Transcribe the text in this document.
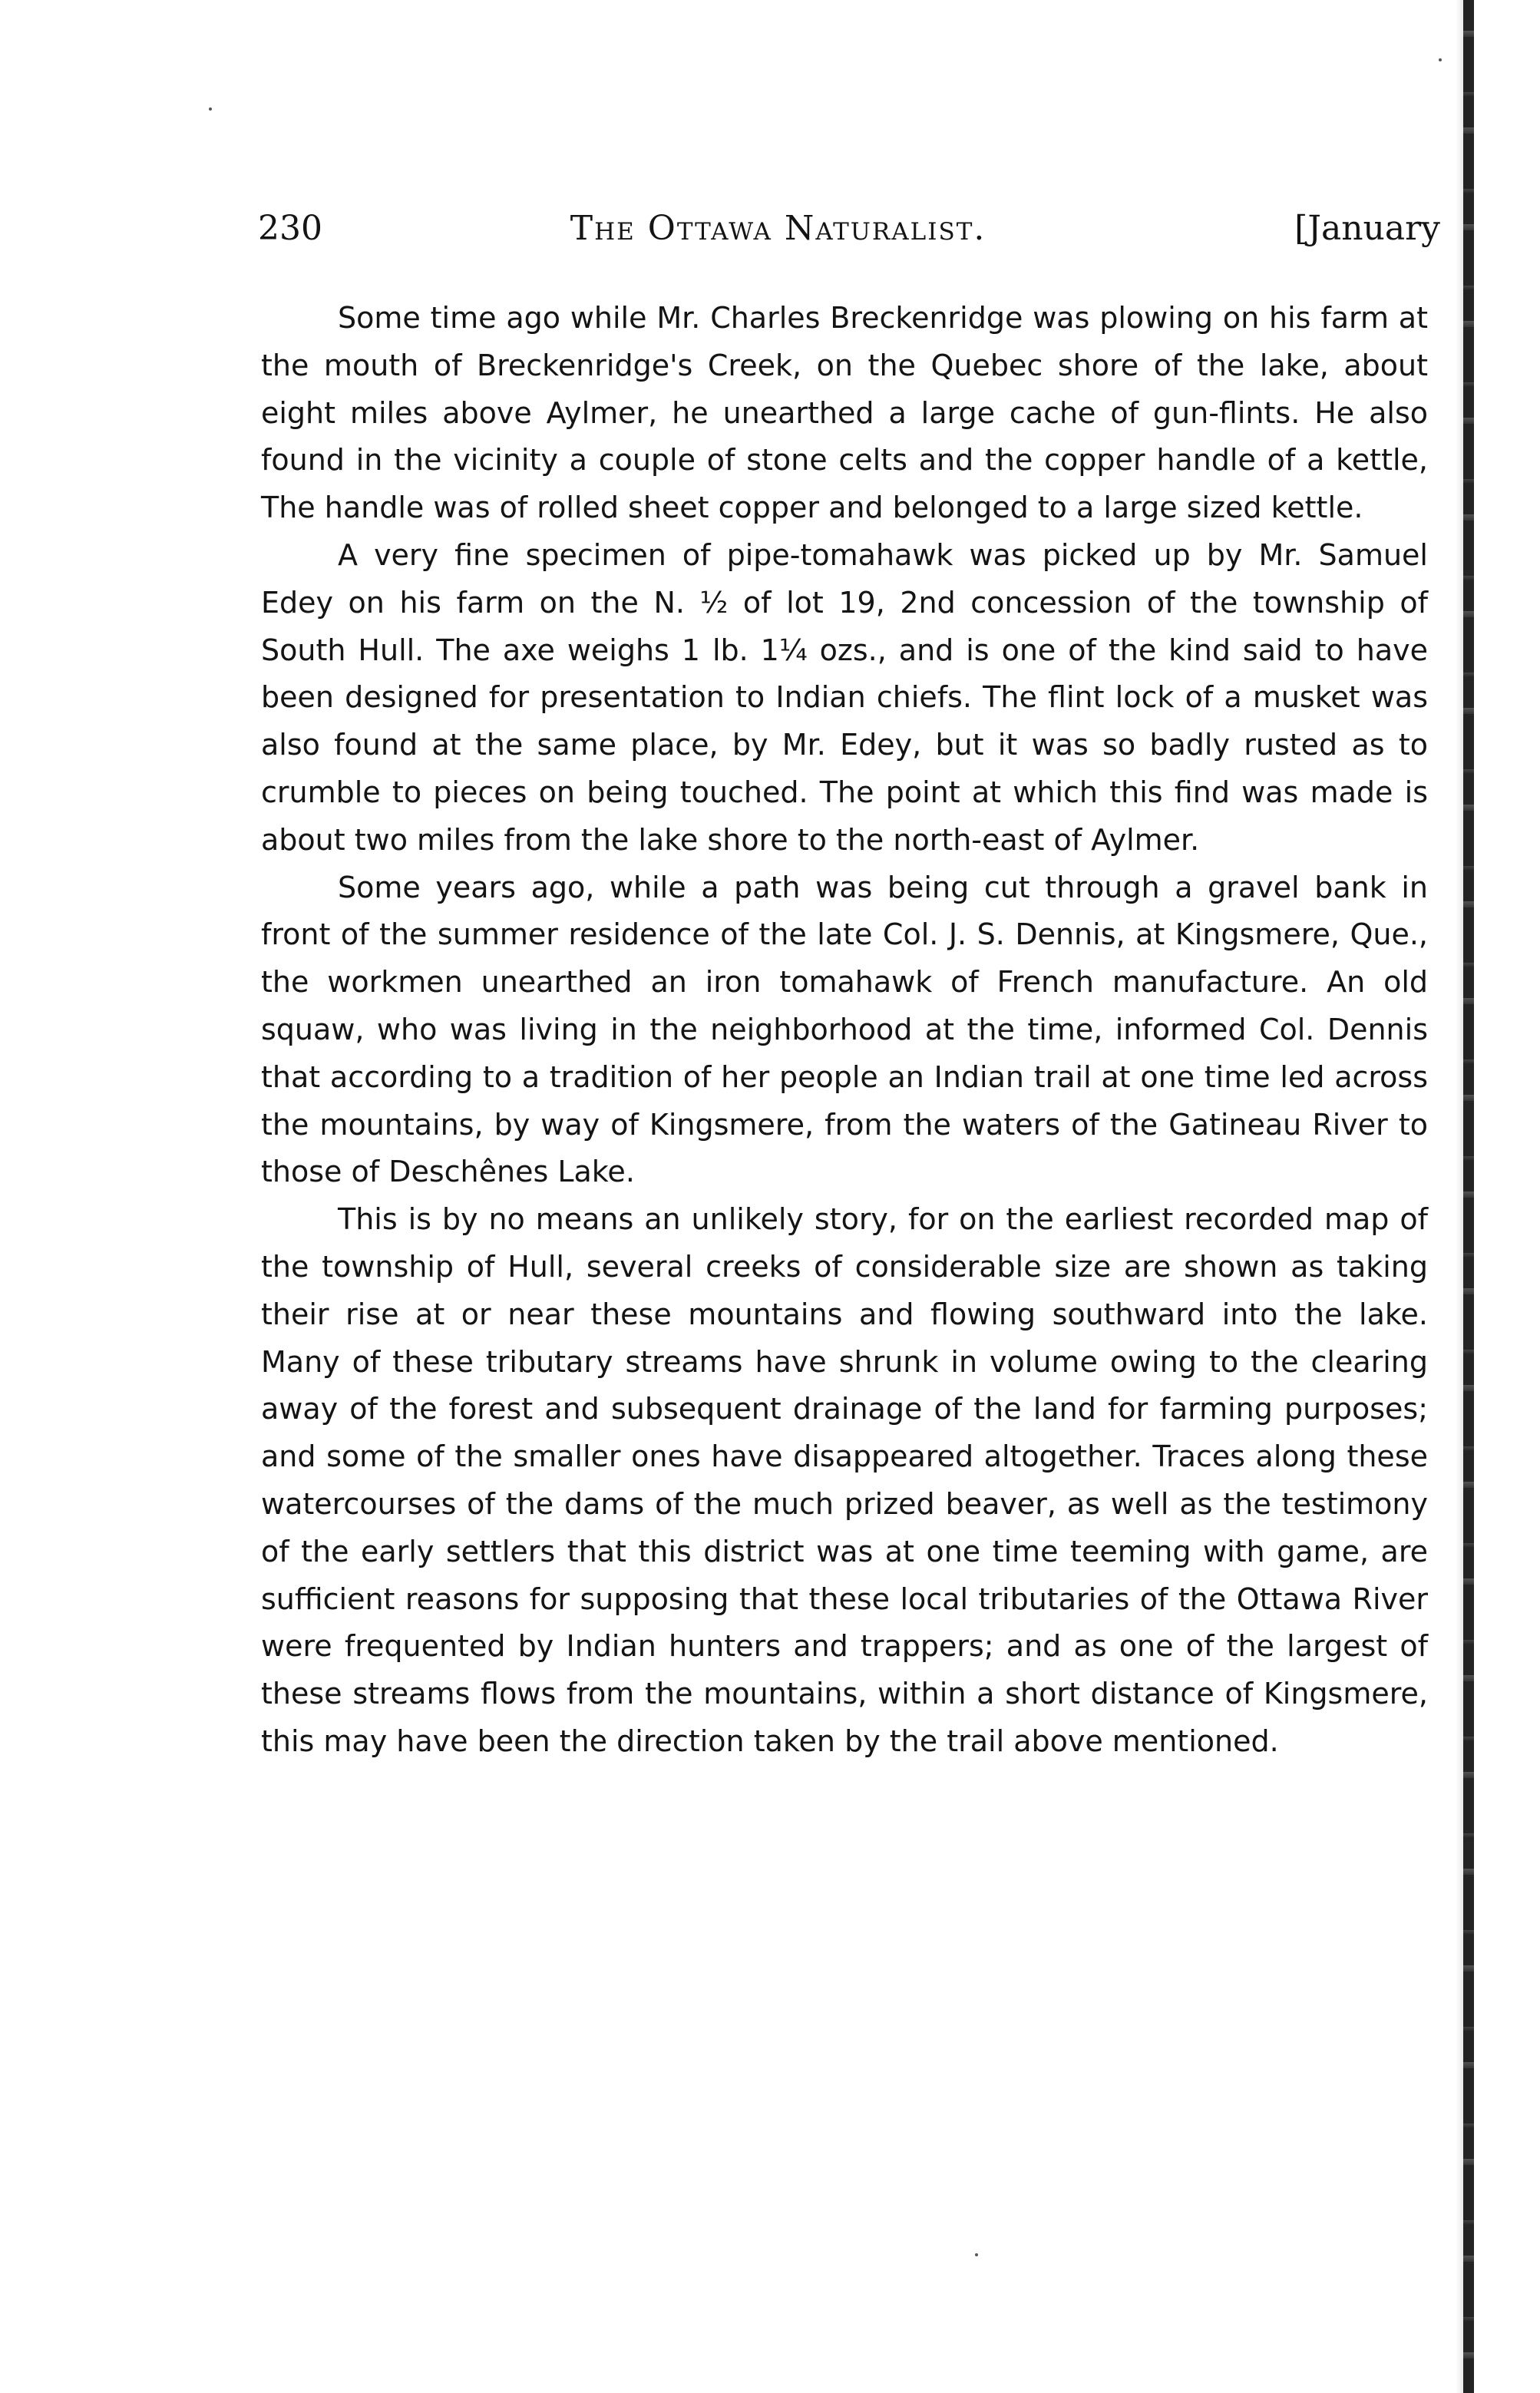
230	The Ottawa Naturalist.	[January

Some time ago while Mr. Charles Breckenridge was plowing on his farm at the mouth of Breckenridge's Creek, on the Quebec shore of the lake, about eight miles above Aylmer, he unearthed a large cache of gun-flints. He also found in the vicinity a couple of stone celts and the copper handle of a kettle, The handle was of rolled sheet copper and belonged to a large sized kettle.

A very fine specimen of pipe-tomahawk was picked up by Mr. Samuel Edey on his farm on the N. ½ of lot 19, 2nd concession of the township of South Hull. The axe weighs 1 lb. 1¼ ozs., and is one of the kind said to have been designed for presentation to Indian chiefs. The flint lock of a musket was also found at the same place, by Mr. Edey, but it was so badly rusted as to crumble to pieces on being touched. The point at which this find was made is about two miles from the lake shore to the north-east of Aylmer.

Some years ago, while a path was being cut through a gravel bank in front of the summer residence of the late Col. J. S. Dennis, at Kingsmere, Que., the workmen unearthed an iron tomahawk of French manufacture. An old squaw, who was living in the neighborhood at the time, informed Col. Dennis that according to a tradition of her people an Indian trail at one time led across the mountains, by way of Kingsmere, from the waters of the Gatineau River to those of Deschênes Lake.

This is by no means an unlikely story, for on the earliest recorded map of the township of Hull, several creeks of considerable size are shown as taking their rise at or near these mountains and flowing southward into the lake. Many of these tributary streams have shrunk in volume owing to the clearing away of the forest and subsequent drainage of the land for farming purposes; and some of the smaller ones have disappeared altogether. Traces along these watercourses of the dams of the much prized beaver, as well as the testimony of the early settlers that this district was at one time teeming with game, are sufficient reasons for supposing that these local tributaries of the Ottawa River were frequented by Indian hunters and trappers; and as one of the largest of these streams flows from the mountains, within a short distance of Kingsmere, this may have been the direction taken by the trail above mentioned.
